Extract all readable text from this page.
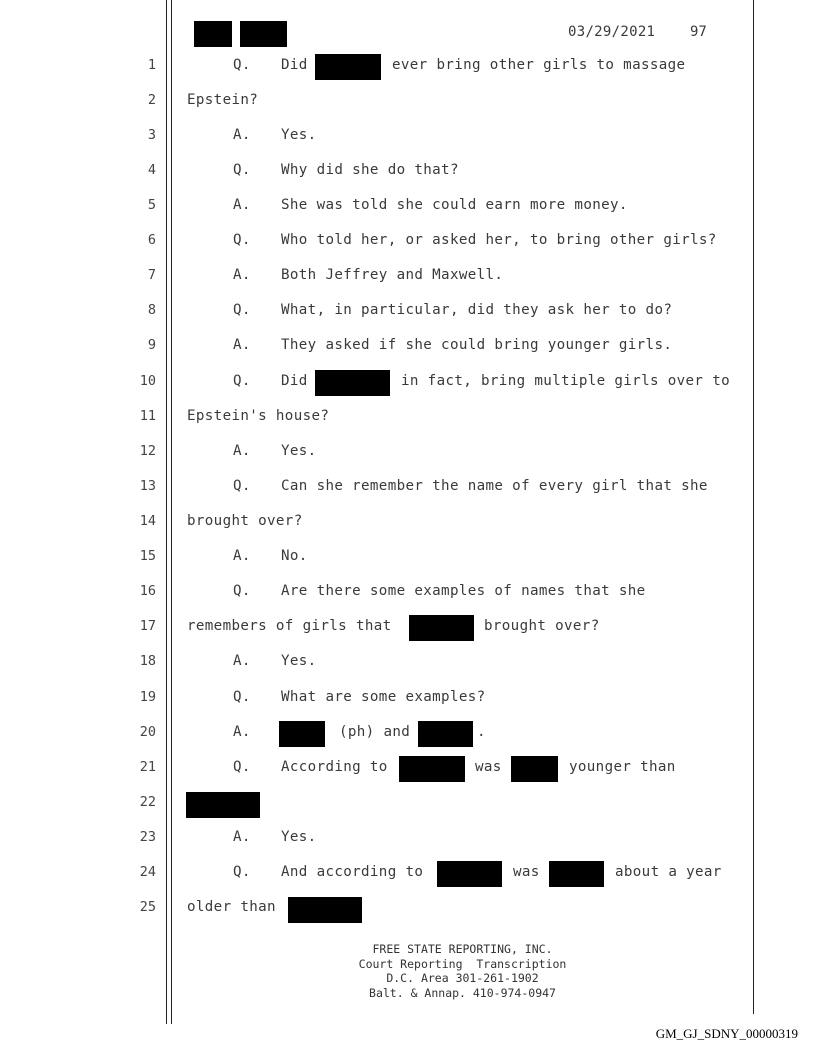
03/29/2021 97
1
2
3
4
5
6
7
8
9
10
11
12
13
14
15
16
17
18
19
20
21
22
23
24
25
Q. Did	ever bring other girls to massage
Epstein?
A. Yes.
Q. Why did she do that?
A. She was told she could earn more money.
Q. Who told her, or asked her, to bring other girls?
A. Both Jeffrey and Maxwell.
Q. What, in particular, did they ask her to do?
A. They asked if she could bring younger girls.
Q. Did	in fact, bring multiple girls over to
Epstein's house?
A. Yes.
Q. Can she remember the name of every girl that she
brought over?
A. No.
Q. Are there some examples of names that she
remembers of girls that	brought over?
A. Yes.
Q. What are some examples?
A.	(ph) and	.
Q. According to	was	younger than
A. Yes.
Q. And according to	was	about a year
older than
FREE STATE REPORTING, INC.
Court Reporting  Transcription
D.C. Area 301-261-1902
Balt. & Annap. 410-974-0947
GM_GJ_SDNY_00000319
